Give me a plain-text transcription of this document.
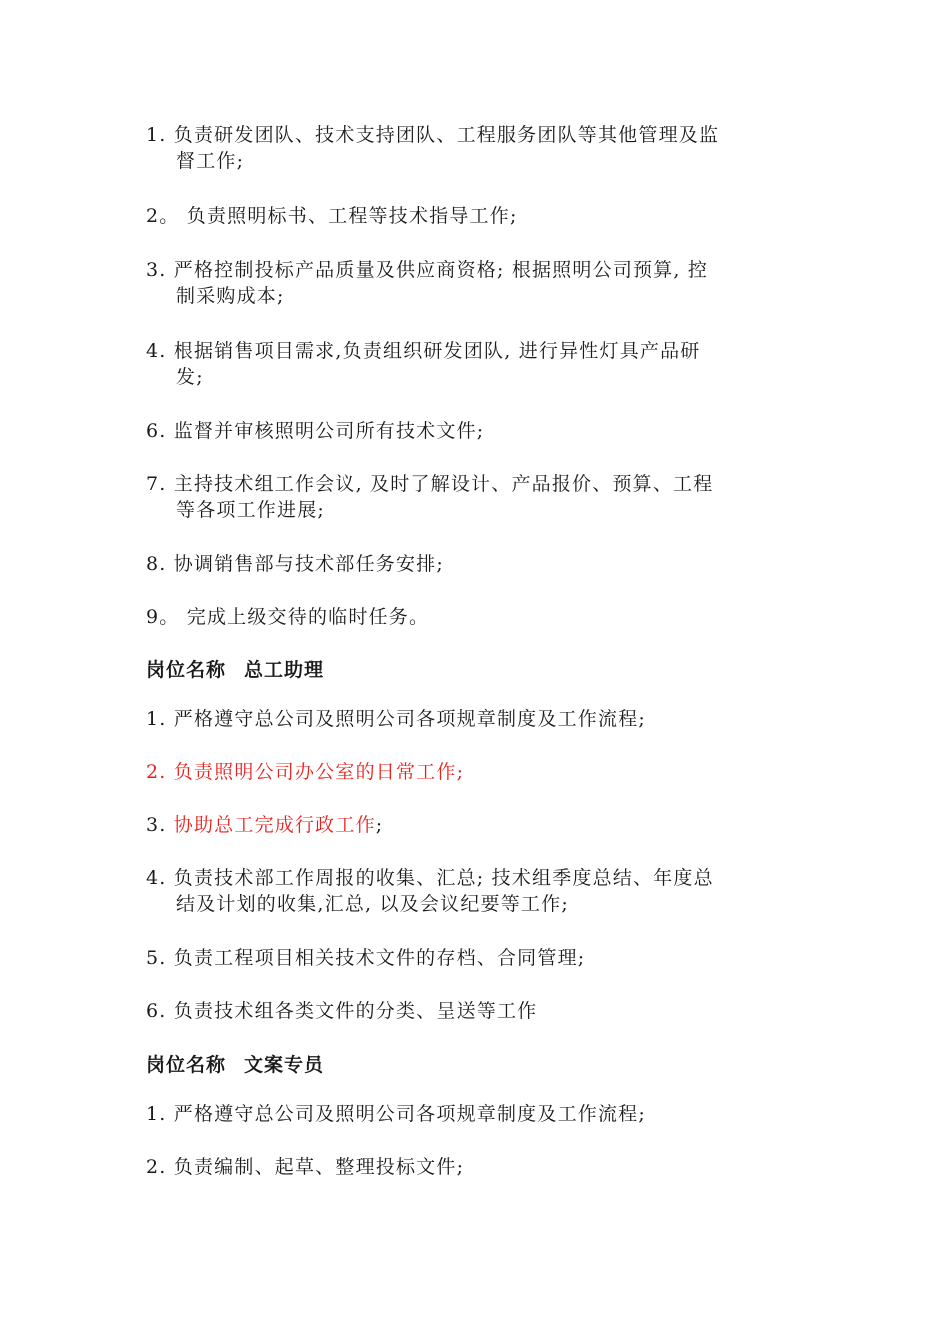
1. 负责研发团队、技术支持团队、工程服务团队等其他管理及监
督工作;
2。 负责照明标书、工程等技术指导工作;
3. 严格控制投标产品质量及供应商资格; 根据照明公司预算, 控
制采购成本;
4. 根据销售项目需求,负责组织研发团队, 进行异性灯具产品研
发;
6. 监督并审核照明公司所有技术文件;
7. 主持技术组工作会议, 及时了解设计、产品报价、预算、工程
等各项工作进展;
8. 协调销售部与技术部任务安排;
9。 完成上级交待的临时任务。
岗位名称 总工助理
1. 严格遵守总公司及照明公司各项规章制度及工作流程;
2. 负责照明公司办公室的日常工作;
3. 协助总工完成行政工作;
4. 负责技术部工作周报的收集、汇总; 技术组季度总结、年度总
结及计划的收集,汇总, 以及会议纪要等工作;
5. 负责工程项目相关技术文件的存档、合同管理;
6. 负责技术组各类文件的分类、呈送等工作
岗位名称 文案专员
1. 严格遵守总公司及照明公司各项规章制度及工作流程;
2. 负责编制、起草、整理投标文件;
